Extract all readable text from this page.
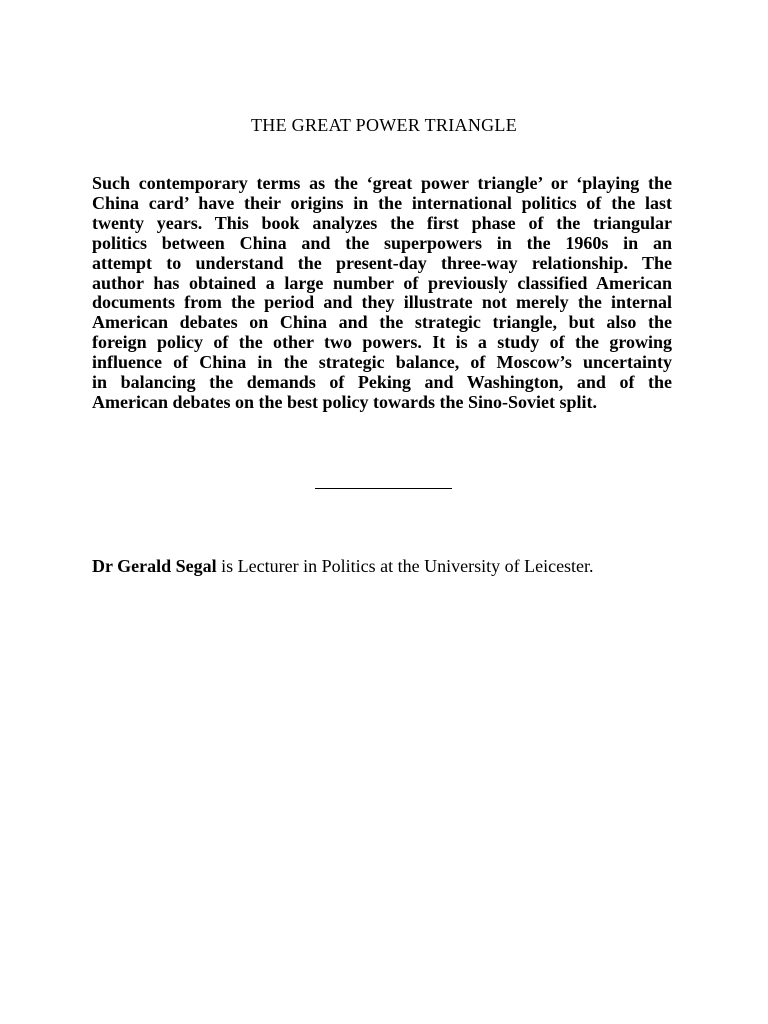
THE GREAT POWER TRIANGLE

Such contemporary terms as the ‘great power triangle’ or ‘playing the
China card’ have their origins in the international politics of the last
twenty years. This book analyzes the first phase of the triangular
politics between China and the superpowers in the 1960s in an
attempt to understand the present-day three-way relationship. The
author has obtained a large number of previously classified American
documents from the period and they illustrate not merely the internal
American debates on China and the strategic triangle, but also the
foreign policy of the other two powers. It is a study of the growing
influence of China in the strategic balance, of Moscow’s uncertainty
in balancing the demands of Peking and Washington, and of the
American debates on the best policy towards the Sino-Soviet split.

Dr Gerald Segal is Lecturer in Politics at the University of Leicester.
